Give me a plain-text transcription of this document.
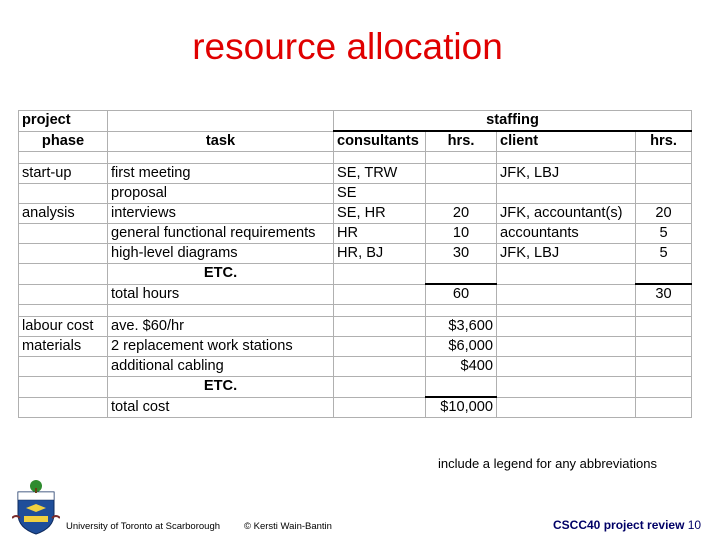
resource allocation
project		staffing			
phase	task	consultants	hrs.	client	hrs.

start-up	first meeting	SE, TRW		JFK, LBJ	
	proposal	SE			
analysis	interviews	SE, HR	20	JFK, accountant(s)	20
	general functional requirements	HR	10	accountants	5
	high-level diagrams	HR, BJ	30	JFK, LBJ	5
	ETC.				
	total hours		60		30

labour cost	ave. $60/hr		$3,600		
materials	2 replacement work stations		$6,000		
	additional cabling		$400		
	ETC.				
	total cost		$10,000		
include a legend for any abbreviations
University of Toronto at Scarborough	© Kersti Wain-Bantin	CSCC40 project review 10
